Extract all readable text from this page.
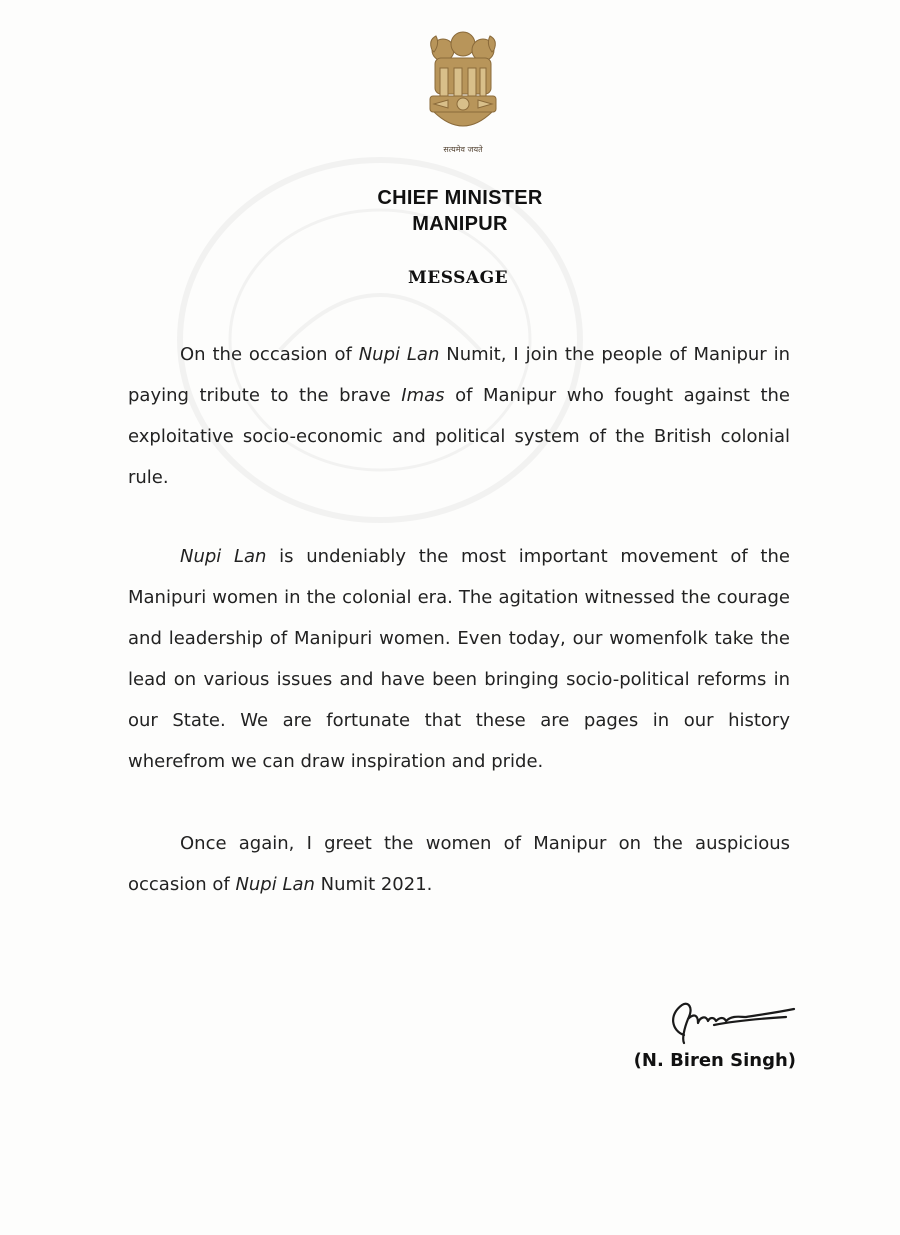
सत्यमेव जयते
CHIEF MINISTER
MANIPUR
MESSAGE

On the occasion of Nupi Lan Numit, I join the people of Manipur in paying tribute to the brave Imas of Manipur who fought against the exploitative socio-economic and political system of the British colonial rule.

Nupi Lan is undeniably the most important movement of the Manipuri women in the colonial era. The agitation witnessed the courage and leadership of Manipuri women. Even today, our womenfolk take the lead on various issues and have been bringing socio-political reforms in our State. We are fortunate that these are pages in our history wherefrom we can draw inspiration and pride.

Once again, I greet the women of Manipur on the auspicious occasion of Nupi Lan Numit 2021.

(N. Biren Singh)
